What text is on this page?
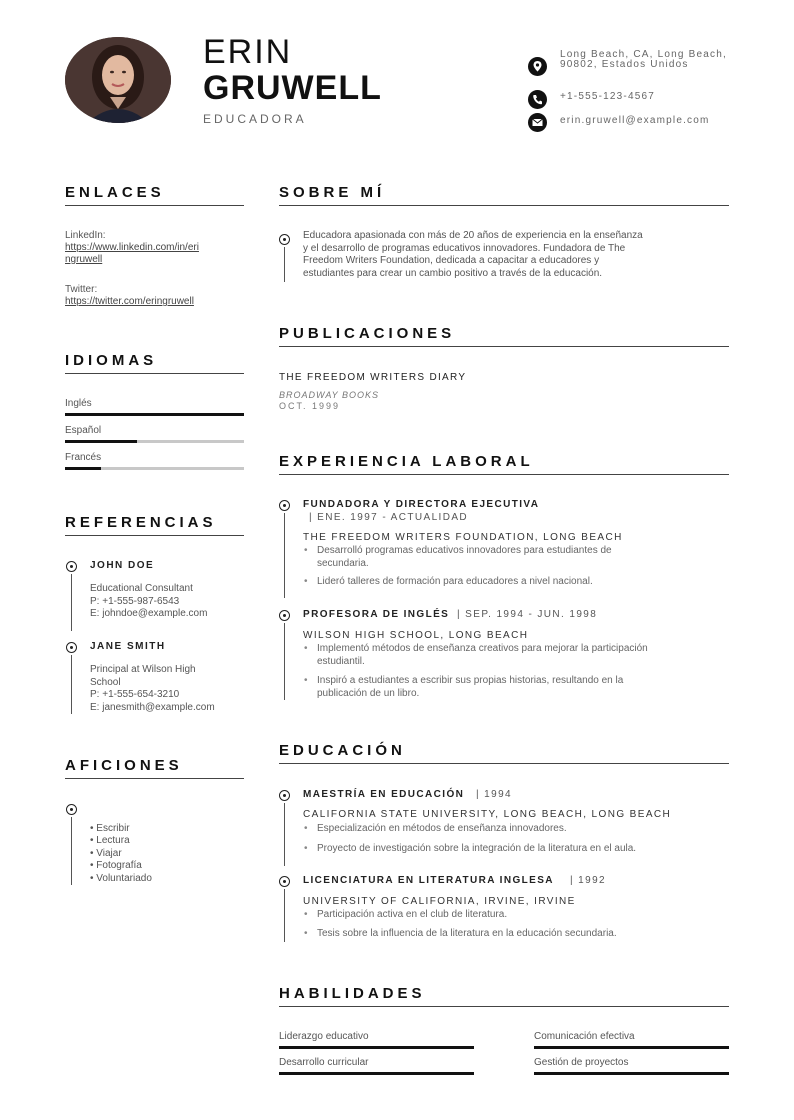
ERIN
GRUWELL
EDUCADORA
Long Beach, CA, Long Beach, 90802, Estados Unidos
+1-555-123-4567
erin.gruwell@example.com
ENLACES
LinkedIn:
https://www.linkedin.com/in/eri
ngruwell
Twitter:
https://twitter.com/eringruwell
IDIOMAS
Inglés
Español
Francés
REFERENCIAS
JOHN DOE
Educational Consultant
P: +1-555-987-6543
E: johndoe@example.com
JANE SMITH
Principal at Wilson High
School
P: +1-555-654-3210
E: janesmith@example.com
AFICIONES
• Escribir
• Lectura
• Viajar
• Fotografía
• Voluntariado
SOBRE MÍ
Educadora apasionada con más de 20 años de experiencia en la enseñanza
y el desarrollo de programas educativos innovadores. Fundadora de The
Freedom Writers Foundation, dedicada a capacitar a educadores y
estudiantes para crear un cambio positivo a través de la educación.
PUBLICACIONES
THE FREEDOM WRITERS DIARY
BROADWAY BOOKS
OCT. 1999
EXPERIENCIA LABORAL
FUNDADORA Y DIRECTORA EJECUTIVA
| ENE. 1997 - ACTUALIDAD
THE FREEDOM WRITERS FOUNDATION, LONG BEACH
• Desarrolló programas educativos innovadores para estudiantes de
secundaria.
• Lideró talleres de formación para educadores a nivel nacional.
PROFESORA DE INGLÉS | SEP. 1994 - JUN. 1998
WILSON HIGH SCHOOL, LONG BEACH
• Implementó métodos de enseñanza creativos para mejorar la participación
estudiantil.
• Inspiró a estudiantes a escribir sus propias historias, resultando en la
publicación de un libro.
EDUCACIÓN
MAESTRÍA EN EDUCACIÓN | 1994
CALIFORNIA STATE UNIVERSITY, LONG BEACH, LONG BEACH
• Especialización en métodos de enseñanza innovadores.
• Proyecto de investigación sobre la integración de la literatura en el aula.
LICENCIATURA EN LITERATURA INGLESA | 1992
UNIVERSITY OF CALIFORNIA, IRVINE, IRVINE
• Participación activa en el club de literatura.
• Tesis sobre la influencia de la literatura en la educación secundaria.
HABILIDADES
Liderazgo educativo	Comunicación efectiva
Desarrollo curricular	Gestión de proyectos
